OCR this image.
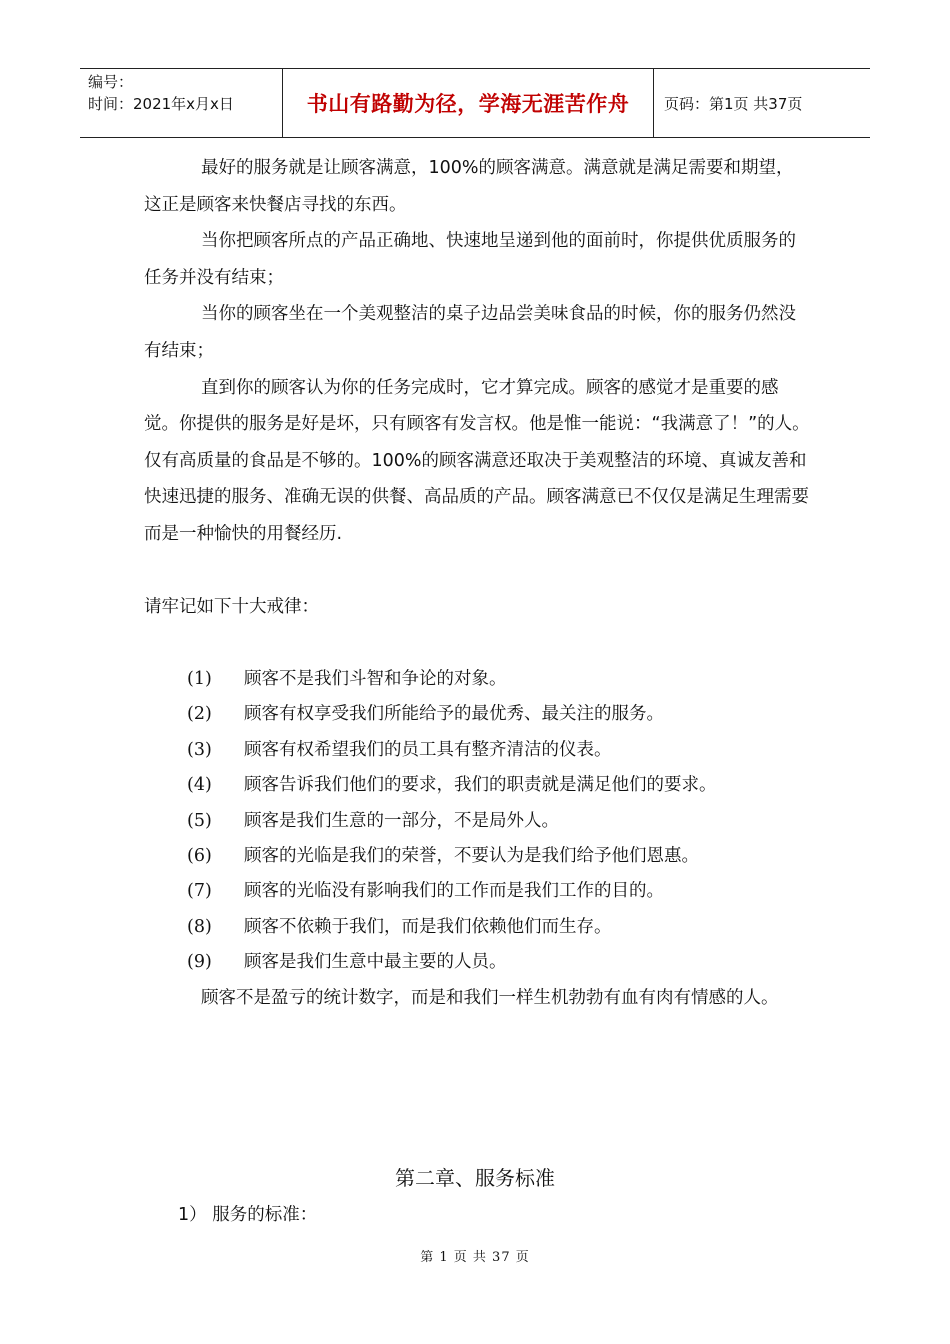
编号：
时间：2021年x月x日	书山有路勤为径，学海无涯苦作舟	页码：第1页 共37页

最好的服务就是让顾客满意，100%的顾客满意。满意就是满足需要和期望，这正是顾客来快餐店寻找的东西。

当你把顾客所点的产品正确地、快速地呈递到他的面前时，你提供优质服务的任务并没有结束；

当你的顾客坐在一个美观整洁的桌子边品尝美味食品的时候，你的服务仍然没有结束；

直到你的顾客认为你的任务完成时，它才算完成。顾客的感觉才是重要的感觉。你提供的服务是好是坏，只有顾客有发言权。他是惟一能说：“我满意了！”的人。

仅有高质量的食品是不够的。100%的顾客满意还取决于美观整洁的环境、真诚友善和快速迅捷的服务、准确无误的供餐、高品质的产品。顾客满意已不仅仅是满足生理需要而是一种愉快的用餐经历.

请牢记如下十大戒律：

(1)	顾客不是我们斗智和争论的对象。
(2)	顾客有权享受我们所能给予的最优秀、最关注的服务。
(3)	顾客有权希望我们的员工具有整齐清洁的仪表。
(4)	顾客告诉我们他们的要求，我们的职责就是满足他们的要求。
(5)	顾客是我们生意的一部分，不是局外人。
(6)	顾客的光临是我们的荣誉，不要认为是我们给予他们恩惠。
(7)	顾客的光临没有影响我们的工作而是我们工作的目的。
(8)	顾客不依赖于我们，而是我们依赖他们而生存。
(9)	顾客是我们生意中最主要的人员。

顾客不是盈亏的统计数字，而是和我们一样生机勃勃有血有肉有情感的人。

第二章、服务标准
1） 服务的标准：
第 1 页 共 37 页
